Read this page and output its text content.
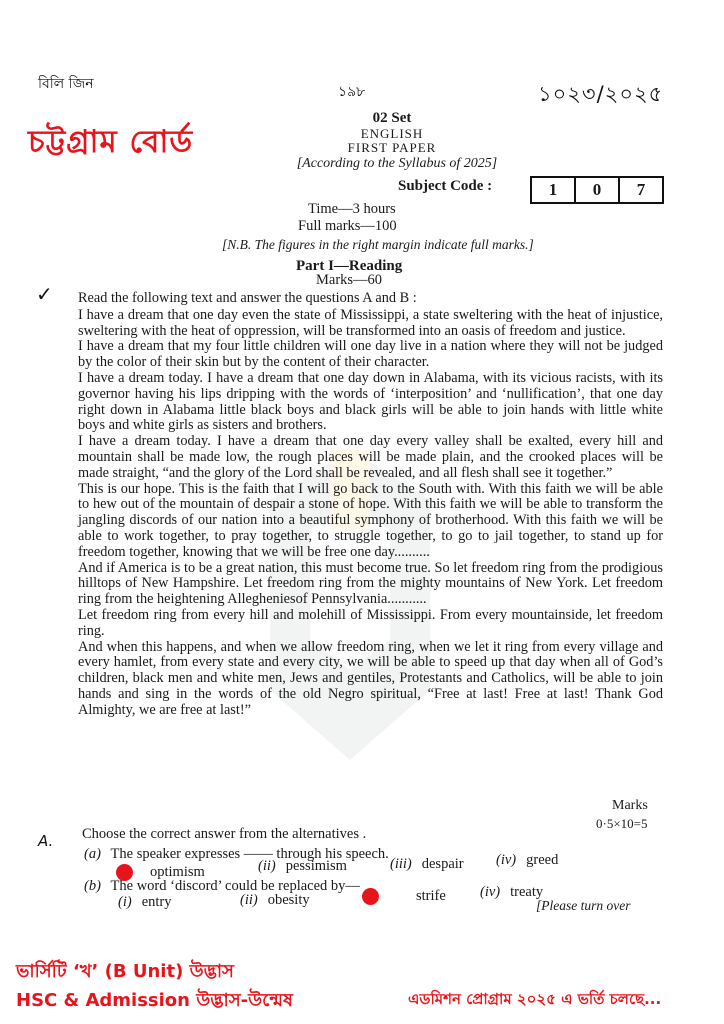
বিলি জিন	১৯৮	১০২৩/২০২৫
চট্টগ্রাম বোর্ড
02 Set
ENGLISH
FIRST PAPER
[According to the Syllabus of 2025]
Subject Code :	1	0	7
Time—3 hours
Full marks—100
[N.B. The figures in the right margin indicate full marks.]
Part I—Reading
Marks—60
✓ Read the following text and answer the questions A and B :

I have a dream that one day even the state of Mississippi, a state sweltering with the heat of injustice, sweltering with the heat of oppression, will be transformed into an oasis of freedom and justice.

I have a dream that my four little children will one day live in a nation where they will not be judged by the color of their skin but by the content of their character.

I have a dream today. I have a dream that one day down in Alabama, with its vicious racists, with its governor having his lips dripping with the words of ‘interposition’ and ‘nullification’, that one day right down in Alabama little black boys and black girls will be able to join hands with little white boys and white girls as sisters and brothers.

I have a dream today. I have a dream that one day every valley shall be exalted, every hill and mountain shall be made low, the rough places will be made plain, and the crooked places will be made straight, “and the glory of the Lord shall be revealed, and all flesh shall see it together.”

This is our hope. This is the faith that I will go back to the South with. With this faith we will be able to hew out of the mountain of despair a stone of hope. With this faith we will be able to transform the jangling discords of our nation into a beautiful symphony of brotherhood. With this faith we will be able to work together, to pray together, to struggle together, to go to jail together, to stand up for freedom together, knowing that we will be free one day..........

And if America is to be a great nation, this must become true. So let freedom ring from the prodigious hilltops of New Hampshire. Let freedom ring from the mighty mountains of New York. Let freedom ring from the heightening Allegheniesof Pennsylvania...........

Let freedom ring from every hill and molehill of Mississippi. From every mountainside, let freedom ring.

And when this happens, and when we allow freedom ring, when we let it ring from every village and every hamlet, from every state and every city, we will be able to speed up that day when all of God’s children, black men and white men, Jews and gentiles, Protestants and Catholics, will be able to join hands and sing in the words of the old Negro spiritual, “Free at last! Free at last! Thank God Almighty, we are free at last!”

Marks
0·5×10=5
A. Choose the correct answer from the alternatives .
(a) The speaker expresses —— through his speech.
optimism	(ii) pessimism	(iii) despair (iv) greed
(b) The word ‘discord’ could be replaced by—
(i) entry	(ii) obesity	strife (iv) treaty
[Please turn over
ভার্সিটি ‘খ’ (B Unit) উদ্ভাস
HSC & Admission উদ্ভাস-উন্মেষ	এডমিশন প্রোগ্রাম ২০২৫ এ ভর্তি চলছে...
